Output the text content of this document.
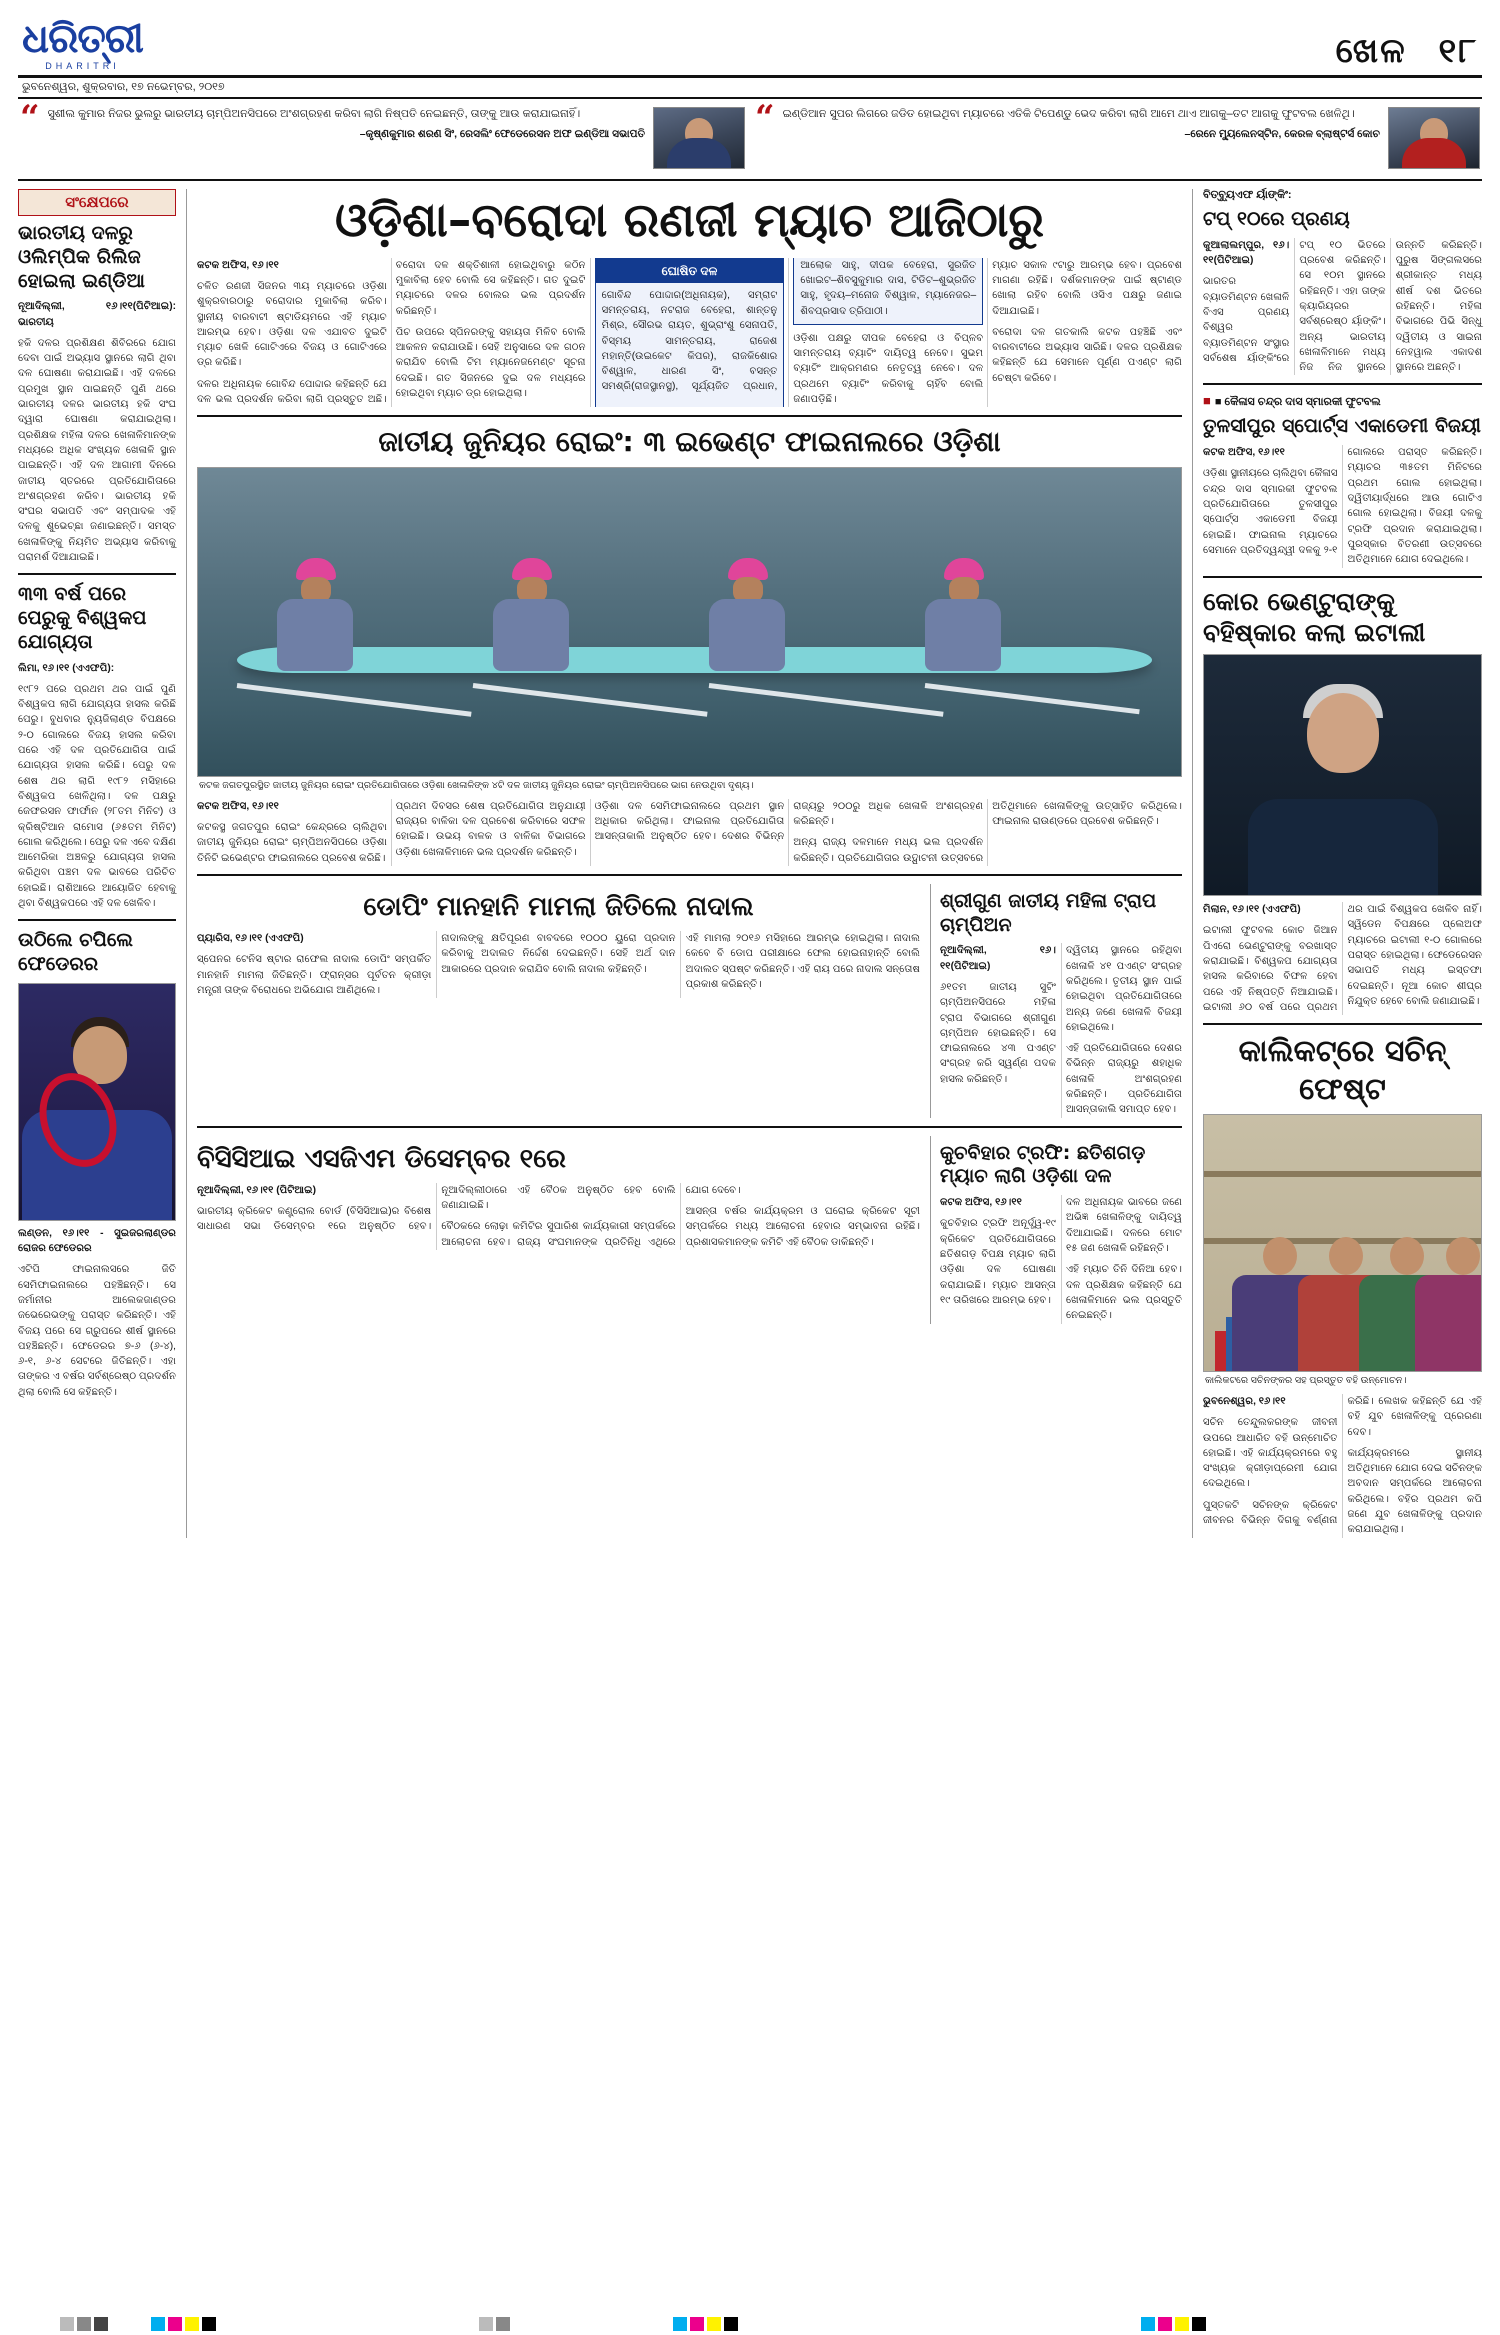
ଧରିତ୍ରୀ
DHARITRI	ଖେଳ ୧୮
ଭୁବନେଶ୍ୱର, ଶୁକ୍ରବାର, ୧୭ ନଭେମ୍ବର, ୨୦୧୭
“ ସୁଶୀଲ କୁମାର ନିଜର ଭୁଲରୁ ଭାରତୀୟ ଚାମ୍ପିଅନସିପରେ ଅଂଶଗ୍ରହଣ କରିବା ଲାଗି ନିଷ୍ପତି ନେଇଛନ୍ତି, ତାଙ୍କୁ ଆଉ କରାଯାଇନାହିଁ।
–କୃଷ୍ଣକୁମାର ଶରଣ ସିଂ, ରେସଲିଂ ଫେଡେରେସନ ଅଫ ଇଣ୍ଡିଆ ସଭାପତି	“ ଇଣ୍ଡିଆନ ସୁପର ଲିଗରେ ଜଡିତ ହୋଇଥିବା ମ୍ୟାଚରେ ଏତିକି ଟିପେଣ୍ଡୁ ଭେଦ କରିବା ଲାଗି ଆମେ ଥାଏ ଆଗକୁ–ତଟ ଆଗକୁ ଫୁଟବଲ ଖେଳିଥି।
–ରେନେ ମ୍ୟୁଲେନସ୍ଟିନ, କେରଳ ବ୍ଲାଷ୍ଟର୍ସ କୋଚ
ସଂକ୍ଷେପରେ
ଭାରତୀୟ ଦଳରୁ ଓଲିମ୍ପିକ ରିଲିଜ ହୋଇଲା ଇଣ୍ଡିଆ

ନୂଆଦିଲ୍ଲୀ, ୧୬।୧୧(ପିଟିଆଇ): ଭାରତୀୟ

ହକି ଦଳର ପ୍ରଶିକ୍ଷଣ ଶିବିରରେ ଯୋଗ ଦେବା ପାଇଁ ଅଭ୍ୟାସ ସ୍ଥାନରେ ଲାଗି ଥିବା ଦଳ ଘୋଷଣା କରାଯାଇଛି। ଏହି ଦଳରେ ପ୍ରମୁଖ ସ୍ଥାନ ପାଇଛନ୍ତି ପୁଣି ଥରେ ଭାରତୀୟ ଦଳର ଭାରତୀୟ ହକି ସଂଘ ଦ୍ୱାରା ଘୋଷଣା କରାଯାଇଥିଲା। ପ୍ରଶିକ୍ଷକ ମହିଳା ଦଳର ଖେଳାଳିମାନଙ୍କ ମଧ୍ୟରେ ଅଧିକ ସଂଖ୍ୟକ ଖେଳାଳି ସ୍ଥାନ ପାଇଛନ୍ତି। ଏହି ଦଳ ଆଗାମୀ ଦିନରେ ଜାତୀୟ ସ୍ତରରେ ପ୍ରତିଯୋଗିତାରେ ଅଂଶଗ୍ରହଣ କରିବ। ଭାରତୀୟ ହକି ସଂଘର ସଭାପତି ଏବଂ ସମ୍ପାଦକ ଏହି ଦଳକୁ ଶୁଭେଚ୍ଛା ଜଣାଇଛନ୍ତି। ସମସ୍ତ ଖେଳାଳିଙ୍କୁ ନିୟମିତ ଅଭ୍ୟାସ କରିବାକୁ ପରାମର୍ଶ ଦିଆଯାଇଛି।

୩୩ ବର୍ଷ ପରେ ପେରୁକୁ ବିଶ୍ୱକପ ଯୋଗ୍ୟତା

ଲିମା, ୧୬।୧୧ (ଏଏଫପି):

୧୯୮୨ ପରେ ପ୍ରଥମ ଥର ପାଇଁ ପୁଣି ବିଶ୍ୱକପ ଲାଗି ଯୋଗ୍ୟତା ହାସଲ କରିଛି ପେରୁ। ବୁଧବାର ନ୍ୟୁଜିଲାଣ୍ଡ ବିପକ୍ଷରେ ୨-୦ ଗୋଲରେ ବିଜୟ ହାସଲ କରିବା ପରେ ଏହି ଦଳ ପ୍ରତିଯୋଗିତା ପାଇଁ ଯୋଗ୍ୟତା ହାସଲ କରିଛି। ପେରୁ ଦଳ ଶେଷ ଥର ଲାଗି ୧୯୮୨ ମସିହାରେ ବିଶ୍ୱକପ ଖେଳିଥିଲା। ଦଳ ପକ୍ଷରୁ ଜେଫରସନ ଫାର୍ଫାନ (୨୮ତମ ମିନିଟ) ଓ କ୍ରିଷ୍ଟିଆନ ରାମୋସ (୬୫ତମ ମିନିଟ) ଗୋଲ କରିଥିଲେ। ପେରୁ ଦଳ ଏବେ ଦକ୍ଷିଣ ଆମେରିକା ଅଞ୍ଚଳରୁ ଯୋଗ୍ୟତା ହାସଲ କରିଥିବା ପଞ୍ଚମ ଦଳ ଭାବରେ ପରିଚିତ ହୋଇଛି। ରାଶିଆରେ ଆୟୋଜିତ ହେବାକୁ ଥିବା ବିଶ୍ୱକପରେ ଏହି ଦଳ ଖେଳିବ।

ଉଠିଲେ ଚପିଲେ ଫେଡେରର

ଲଣ୍ଡନ, ୧୬।୧୧ - ସୁଇଜରଲାଣ୍ଡର ରୋଜର ଫେଡେରର

ଏଟିପି ଫାଇନାଲସରେ ଜିତି ସେମିଫାଇନାଲରେ ପହଞ୍ଚିଛନ୍ତି। ସେ ଜର୍ମାନୀର ଆଲେକଜାଣ୍ଡର ଜଭେରେଭଙ୍କୁ ପରାସ୍ତ କରିଛନ୍ତି। ଏହି ବିଜୟ ପରେ ସେ ଗ୍ରୁପରେ ଶୀର୍ଷ ସ୍ଥାନରେ ପହଞ୍ଚିଛନ୍ତି। ଫେଡେରର ୭-୬ (୬-୪), ୬-୧, ୬-୪ ସେଟରେ ଜିତିଛନ୍ତି। ଏହା ତାଙ୍କର ଏ ବର୍ଷର ସର୍ବଶ୍ରେଷ୍ଠ ପ୍ରଦର୍ଶନ ଥିଲା ବୋଲି ସେ କହିଛନ୍ତି।

ଓଡ଼ିଶା–ବରୋଦା ରଣଜୀ ମ୍ୟାଚ ଆଜିଠାରୁ

କଟକ ଅଫିସ, ୧୬।୧୧

ଚଳିତ ରଣଜୀ ସିଜନର ୩ୟ ମ୍ୟାଚରେ ଓଡ଼ିଶା ଶୁକ୍ରବାରଠାରୁ ବରୋଦାର ମୁକାବିଲା କରିବ। ସ୍ଥାନୀୟ ବାରବାଟୀ ଷ୍ଟାଡିୟମରେ ଏହି ମ୍ୟାଚ ଆରମ୍ଭ ହେବ। ଓଡ଼ିଶା ଦଳ ଏଯାବତ ଦୁଇଟି ମ୍ୟାଚ ଖେଳି ଗୋଟିଏରେ ବିଜୟ ଓ ଗୋଟିଏରେ ଡ୍ର କରିଛି।

ଦଳର ଅଧିନାୟକ ଗୋବିନ୍ଦ ପୋଦ୍ଦାର କହିଛନ୍ତି ଯେ ଦଳ ଭଲ ପ୍ରଦର୍ଶନ କରିବା ଲାଗି ପ୍ରସ୍ତୁତ ଅଛି। ବରୋଦା ଦଳ ଶକ୍ତିଶାଳୀ ହୋଇଥିବାରୁ କଠିନ ମୁକାବିଲା ହେବ ବୋଲି ସେ କହିଛନ୍ତି। ଗତ ଦୁଇଟି ମ୍ୟାଚରେ ଦଳର ବୋଲର ଭଲ ପ୍ରଦର୍ଶନ କରିଛନ୍ତି।

ପିଚ ଉପରେ ସ୍ପିନରଙ୍କୁ ସହାୟତା ମିଳିବ ବୋଲି ଆକଳନ କରାଯାଉଛି। ସେହି ଅନୁସାରେ ଦଳ ଗଠନ କରାଯିବ ବୋଲି ଟିମ ମ୍ୟାନେଜମେଣ୍ଟ ସୂଚନା ଦେଇଛି। ଗତ ସିଜନରେ ଦୁଇ ଦଳ ମଧ୍ୟରେ ହୋଇଥିବା ମ୍ୟାଚ ଡ୍ର ହୋଇଥିଲା।

ଘୋଷିତ ଦଳ
ଗୋବିନ୍ଦ ପୋଦ୍ଦାର(ଅଧିନାୟକ), ସମ୍ରାଟ ସମନ୍ତରାୟ, ନଟରାଜ ବେହେରା, ଶାନ୍ତନୁ ମିଶ୍ର, ସୌରଭ ରାୟତ, ଶୁଭ୍ରାଂଶୁ ସେନାପତି, ବିସ୍ମୟ ସାମନ୍ତରାୟ, ରାଜେଶ ମହାନ୍ତି(ଉଇକେଟ କିପର), ରାଜକିଶୋର ବିଶ୍ୱାଳ, ଧାରଣ ସିଂ, ବସନ୍ତ ସମଶ୍ରି(ରାଜସ୍ଥାନସ୍ଥ), ସୂର୍ଯ୍ୟଜିତ ପ୍ରଧାନ, ଆଲୋକ ସାହୁ, ଦୀପକ ବେହେରା, ସୁରଜିତ ଖୋଇଟ–ଶିବସୁକୁମାର ଦାସ, ଟିଡିଟ–ଶୁଭ୍ରଜିତ ସାହୁ, ହୃଦୟ–ମନୋଜ ବିଶ୍ୱାଳ, ମ୍ୟାନେଜର–ଶିବପ୍ରସାଦ ତ୍ରିପାଠୀ।

ଓଡ଼ିଶା ପକ୍ଷରୁ ଦୀପକ ବେହେରା ଓ ବିପ୍ଳବ ସାମନ୍ତରାୟ ବ୍ୟାଟିଂ ଦାୟିତ୍ୱ ନେବେ। ସୁଭମ ବ୍ୟାଟିଂ ଆକ୍ରମଣର ନେତୃତ୍ୱ ନେବେ। ଦଳ ପ୍ରଥମେ ବ୍ୟାଟିଂ କରିବାକୁ ଚାହିଁବ ବୋଲି ଜଣାପଡ଼ିଛି।

ମ୍ୟାଚ ସକାଳ ୯ଟାରୁ ଆରମ୍ଭ ହେବ। ପ୍ରବେଶ ମାଗଣା ରହିଛି। ଦର୍ଶକମାନଙ୍କ ପାଇଁ ଷ୍ଟାଣ୍ଡ ଖୋଲା ରହିବ ବୋଲି ଓସିଏ ପକ୍ଷରୁ ଜଣାଇ ଦିଆଯାଇଛି।

ବରୋଦା ଦଳ ଗତକାଲି କଟକ ପହଞ୍ଚିଛି ଏବଂ ବାରବାଟୀରେ ଅଭ୍ୟାସ ସାରିଛି। ଦଳର ପ୍ରଶିକ୍ଷକ କହିଛନ୍ତି ଯେ ସେମାନେ ପୂର୍ଣ୍ଣ ପଏଣ୍ଟ ଲାଗି ଚେଷ୍ଟା କରିବେ।

ଜାତୀୟ ଜୁନିୟର ରୋଇଂ: ୩ ଇଭେଣ୍ଟ ଫାଇନାଲରେ ଓଡ଼ିଶା
କଟକ ଜଗତପୁରସ୍ଥିତ ଜାତୀୟ ଜୁନିୟର ରୋଇଂ ପ୍ରତିଯୋଗିତାରେ ଓଡ଼ିଶା ଖେଳାଳିଙ୍କ ୪ଟି ଦଳ ଜାତୀୟ ଜୁନିୟର ରୋଇଂ ଚାମ୍ପିଅନସିପରେ ଭାଗ ନେଉଥିବା ଦୃଶ୍ୟ।

କଟକ ଅଫିସ, ୧୬।୧୧

କଟକସ୍ଥ ଜଗତପୁର ରୋଇଂ କେନ୍ଦ୍ରରେ ଚାଲିଥିବା ଜାତୀୟ ଜୁନିୟର ରୋଇଂ ଚାମ୍ପିଅନସିପରେ ଓଡ଼ିଶା ତିନିଟି ଇଭେଣ୍ଟର ଫାଇନାଲରେ ପ୍ରବେଶ କରିଛି।

ପ୍ରଥମ ଦିବସର ଶେଷ ପ୍ରତିଯୋଗିତା ଅନୁଯାୟୀ ରାଜ୍ୟର ବାଳିକା ଦଳ ପ୍ରବେଶ କରିବାରେ ସଫଳ ହୋଇଛି। ଉଭୟ ବାଳକ ଓ ବାଳିକା ବିଭାଗରେ ଓଡ଼ିଶା ଖେଳାଳିମାନେ ଭଲ ପ୍ରଦର୍ଶନ କରିଛନ୍ତି।

ଓଡ଼ିଶା ଦଳ ସେମିଫାଇନାଲରେ ପ୍ରଥମ ସ୍ଥାନ ଅଧିକାର କରିଥିଲା। ଫାଇନାଲ ପ୍ରତିଯୋଗିତା ଆସନ୍ତାକାଲି ଅନୁଷ୍ଠିତ ହେବ। ଦେଶର ବିଭିନ୍ନ ରାଜ୍ୟରୁ ୨୦୦ରୁ ଅଧିକ ଖେଳାଳି ଅଂଶଗ୍ରହଣ କରିଛନ୍ତି।

ଅନ୍ୟ ରାଜ୍ୟ ଦଳମାନେ ମଧ୍ୟ ଭଲ ପ୍ରଦର୍ଶନ କରିଛନ୍ତି। ପ୍ରତିଯୋଗିତାର ଉଦ୍ଘାଟନୀ ଉତ୍ସବରେ ଅତିଥିମାନେ ଖେଳାଳିଙ୍କୁ ଉତ୍ସାହିତ କରିଥିଲେ। ଫାଇନାଲ ରାଉଣ୍ଡରେ ପ୍ରବେଶ କରିଛନ୍ତି।

ଡୋପିଂ ମାନହାନି ମାମଲା ଜିତିଲେ ନାଦାଲ

ପ୍ୟାରିସ, ୧୬।୧୧ (ଏଏଫପି)

ସ୍ପେନର ଟେନିସ ଷ୍ଟାର ରାଫେଲ ନାଦାଲ ଡୋପିଂ ସମ୍ପର୍କିତ ମାନହାନି ମାମଲା ଜିତିଛନ୍ତି। ଫ୍ରାନ୍ସର ପୂର୍ବତନ କ୍ରୀଡ଼ା ମନ୍ତ୍ରୀ ତାଙ୍କ ବିରୋଧରେ ଅଭିଯୋଗ ଆଣିଥିଲେ।

ନାଦାଲଙ୍କୁ କ୍ଷତିପୂରଣ ବାବଦରେ ୧୦୦୦ ୟୁରୋ ପ୍ରଦାନ କରିବାକୁ ଅଦାଲତ ନିର୍ଦ୍ଦେଶ ଦେଇଛନ୍ତି। ସେହି ଅର୍ଥ ଦାନ ଆକାରରେ ପ୍ରଦାନ କରାଯିବ ବୋଲି ନାଦାଲ କହିଛନ୍ତି।

ଏହି ମାମଲା ୨୦୧୬ ମସିହାରେ ଆରମ୍ଭ ହୋଇଥିଲା। ନାଦାଲ କେବେ ବି ଡୋପ ପରୀକ୍ଷାରେ ଫେଲ ହୋଇନାହାନ୍ତି ବୋଲି ଅଦାଲତ ସ୍ପଷ୍ଟ କରିଛନ୍ତି। ଏହି ରାୟ ପରେ ନାଦାଲ ସନ୍ତୋଷ ପ୍ରକାଶ କରିଛନ୍ତି।

ଶ୍ରୀଗୁଣ ଜାତୀୟ ମହିଳା ଟ୍ରାପ ଚାମ୍ପିଅନ

ନୂଆଦିଲ୍ଲୀ, ୧୬।୧୧(ପିଟିଆଇ)

୬୧ତମ ଜାତୀୟ ସୁଟିଂ ଚାମ୍ପିଅନସିପରେ ମହିଳା ଟ୍ରାପ ବିଭାଗରେ ଶ୍ରୀଗୁଣ ଚାମ୍ପିଅନ ହୋଇଛନ୍ତି। ସେ ଫାଇନାଲରେ ୪୩ ପଏଣ୍ଟ ସଂଗ୍ରହ କରି ସ୍ୱର୍ଣ୍ଣ ପଦକ ହାସଲ କରିଛନ୍ତି।

ଦ୍ୱିତୀୟ ସ୍ଥାନରେ ରହିଥିବା ଖେଳାଳି ୪୧ ପଏଣ୍ଟ ସଂଗ୍ରହ କରିଥିଲେ। ତୃତୀୟ ସ୍ଥାନ ପାଇଁ ହୋଇଥିବା ପ୍ରତିଯୋଗିତାରେ ଅନ୍ୟ ଜଣେ ଖେଳାଳି ବିଜୟୀ ହୋଇଥିଲେ।

ଏହି ପ୍ରତିଯୋଗିତାରେ ଦେଶର ବିଭିନ୍ନ ରାଜ୍ୟରୁ ଶହାଧିକ ଖେଳାଳି ଅଂଶଗ୍ରହଣ କରିଛନ୍ତି। ପ୍ରତିଯୋଗିତା ଆସନ୍ତାକାଲି ସମାପ୍ତ ହେବ।

ବିସିସିଆଇ ଏସଜିଏମ ଡିସେମ୍ବର ୧ରେ

ନୂଆଦିଲ୍ଲୀ, ୧୬।୧୧ (ପିଟିଆଇ)

ଭାରତୀୟ କ୍ରିକେଟ କଣ୍ଟ୍ରୋଲ ବୋର୍ଡ (ବିସିସିଆଇ)ର ବିଶେଷ ସାଧାରଣ ସଭା ଡିସେମ୍ବର ୧ରେ ଅନୁଷ୍ଠିତ ହେବ। ନୂଆଦିଲ୍ଲୀଠାରେ ଏହି ବୈଠକ ଅନୁଷ୍ଠିତ ହେବ ବୋଲି ଜଣାଯାଇଛି।

ବୈଠକରେ ଲୋଢ଼ା କମିଟିର ସୁପାରିଶ କାର୍ଯ୍ୟକାରୀ ସମ୍ପର୍କରେ ଆଲୋଚନା ହେବ। ରାଜ୍ୟ ସଂଘମାନଙ୍କ ପ୍ରତିନିଧି ଏଥିରେ ଯୋଗ ଦେବେ।

ଆସନ୍ତା ବର୍ଷର କାର୍ଯ୍ୟକ୍ରମ ଓ ଘରୋଇ କ୍ରିକେଟ ସୂଚୀ ସମ୍ପର୍କରେ ମଧ୍ୟ ଆଲୋଚନା ହେବାର ସମ୍ଭାବନା ରହିଛି। ପ୍ରଶାସକମାନଙ୍କ କମିଟି ଏହି ବୈଠକ ଡାକିଛନ୍ତି।

କୁଚବିହାର ଟ୍ରଫି: ଛତିଶଗଡ଼ ମ୍ୟାଚ ଲାଗି ଓଡ଼ିଶା ଦଳ

କଟକ ଅଫିସ, ୧୬।୧୧

କୁଚବିହାର ଟ୍ରଫି ଅନୂର୍ଦ୍ଧ୍ୱ-୧୯ କ୍ରିକେଟ ପ୍ରତିଯୋଗିତାରେ ଛତିଶଗଡ଼ ବିପକ୍ଷ ମ୍ୟାଚ ଲାଗି ଓଡ଼ିଶା ଦଳ ଘୋଷଣା କରାଯାଇଛି। ମ୍ୟାଚ ଆସନ୍ତା ୧୯ ତାରିଖରେ ଆରମ୍ଭ ହେବ।

ଦଳ ଅଧିନାୟକ ଭାବରେ ଜଣେ ଅଭିଜ୍ଞ ଖେଳାଳିଙ୍କୁ ଦାୟିତ୍ୱ ଦିଆଯାଇଛି। ଦଳରେ ମୋଟ ୧୫ ଜଣ ଖେଳାଳି ରହିଛନ୍ତି।

ଏହି ମ୍ୟାଚ ତିନି ଦିନିଆ ହେବ। ଦଳ ପ୍ରଶିକ୍ଷକ କହିଛନ୍ତି ଯେ ଖେଳାଳିମାନେ ଭଲ ପ୍ରସ୍ତୁତି ନେଇଛନ୍ତି।

ବିତ୍‌ବ୍ୟୁଏଫ ର୍ୟାଙ୍କିଂ:
ଟପ୍ ୧୦ରେ ପ୍ରଣୟ

କୁଆଲାଲମ୍ପୁର, ୧୬।୧୧(ପିଟିଆଇ)

ଭାରତର ବ୍ୟାଡମିଣ୍ଟନ ଖେଳାଳି ବିଏସ ପ୍ରଣୟ ବିଶ୍ୱର ବ୍ୟାଡମିଣ୍ଟନ ସଂସ୍ଥାର ସର୍ବଶେଷ ର୍ୟାଙ୍କିଂରେ ଟପ୍ ୧୦ ଭିତରେ ପ୍ରବେଶ କରିଛନ୍ତି। ସେ ୧୦ମ ସ୍ଥାନରେ ରହିଛନ୍ତି। ଏହା ତାଙ୍କ କ୍ୟାରିୟରର ସର୍ବଶ୍ରେଷ୍ଠ ର୍ୟାଙ୍କିଂ। ଅନ୍ୟ ଭାରତୀୟ ଖେଳାଳିମାନେ ମଧ୍ୟ ନିଜ ନିଜ ସ୍ଥାନରେ ଉନ୍ନତି କରିଛନ୍ତି। ପୁରୁଷ ସିଙ୍ଗଲସରେ ଶ୍ରୀକାନ୍ତ ମଧ୍ୟ ଶୀର୍ଷ ଦଶ ଭିତରେ ରହିଛନ୍ତି। ମହିଳା ବିଭାଗରେ ପିଭି ସିନ୍ଧୁ ଦ୍ୱିତୀୟ ଓ ସାଇନା ନେହୱାଲ ଏକାଦଶ ସ୍ଥାନରେ ଅଛନ୍ତି।

■ ■ କୈଳାସ ଚନ୍ଦ୍ର ଦାସ ସ୍ମାରକୀ ଫୁଟବଲ
ତୁଳସୀପୁର ସ୍ପୋର୍ଟ୍ସ ଏକାଡେମୀ ବିଜୟୀ

କଟକ ଅଫିସ, ୧୬।୧୧

ଓଡ଼ିଶା ସ୍ଥାନୀୟରେ ଚାଲିଥିବା କୈଳାସ ଚନ୍ଦ୍ର ଦାସ ସ୍ମାରକୀ ଫୁଟବଲ ପ୍ରତିଯୋଗିତାରେ ତୁଳସୀପୁର ସ୍ପୋର୍ଟ୍ସ ଏକାଡେମୀ ବିଜୟୀ ହୋଇଛି। ଫାଇନାଲ ମ୍ୟାଚରେ ସେମାନେ ପ୍ରତିଦ୍ୱନ୍ଦ୍ୱୀ ଦଳକୁ ୨-୧ ଗୋଲରେ ପରାସ୍ତ କରିଛନ୍ତି। ମ୍ୟାଚର ୩୫ତମ ମିନିଟରେ ପ୍ରଥମ ଗୋଲ ହୋଇଥିଲା। ଦ୍ୱିତୀୟାର୍ଦ୍ଧରେ ଆଉ ଗୋଟିଏ ଗୋଲ ହୋଇଥିଲା। ବିଜୟୀ ଦଳକୁ ଟ୍ରଫି ପ୍ରଦାନ କରାଯାଇଥିଲା। ପୁରସ୍କାର ବିତରଣୀ ଉତ୍ସବରେ ଅତିଥିମାନେ ଯୋଗ ଦେଇଥିଲେ।

କୋର ଭେଣ୍ଟୁରାଙ୍କୁ ବହିଷ୍କାର କଲା ଇଟାଲୀ

ମିଲାନ, ୧୬।୧୧ (ଏଏଫପି)

ଇଟାଲୀ ଫୁଟବଲ କୋଚ ଜିଆନ ପିଏରୋ ଭେଣ୍ଟୁରାଙ୍କୁ ବରଖାସ୍ତ କରାଯାଇଛି। ବିଶ୍ୱକପ ଯୋଗ୍ୟତା ହାସଲ କରିବାରେ ବିଫଳ ହେବା ପରେ ଏହି ନିଷ୍ପତ୍ତି ନିଆଯାଇଛି। ଇଟାଲୀ ୬୦ ବର୍ଷ ପରେ ପ୍ରଥମ ଥର ପାଇଁ ବିଶ୍ୱକପ ଖେଳିବ ନାହିଁ। ସ୍ୱିଡେନ ବିପକ୍ଷରେ ପ୍ଲେଅଫ ମ୍ୟାଚରେ ଇଟାଲୀ ୧-୦ ଗୋଲରେ ପରାସ୍ତ ହୋଇଥିଲା। ଫେଡେରେସନ ସଭାପତି ମଧ୍ୟ ଇସ୍ତଫା ଦେଇଛନ୍ତି। ନୂଆ କୋଚ ଶୀଘ୍ର ନିଯୁକ୍ତ ହେବେ ବୋଲି ଜଣାଯାଇଛି।

କାଲିକଟ୍‌ରେ ସଚିନ୍ ଫେଷ୍ଟ
କାଲିକଟରେ ସଚିନଙ୍କର ସହ ପ୍ରସ୍ତୁତ ବହି ଉନ୍ମୋଚନ।

ଭୁବନେଶ୍ୱର, ୧୬।୧୧

ସଚିନ ତେନ୍ଦୁଲକରଙ୍କ ଜୀବନୀ ଉପରେ ଆଧାରିତ ବହି ଉନ୍ମୋଚିତ ହୋଇଛି। ଏହି କାର୍ଯ୍ୟକ୍ରମରେ ବହୁ ସଂଖ୍ୟକ କ୍ରୀଡ଼ାପ୍ରେମୀ ଯୋଗ ଦେଇଥିଲେ।

ପୁସ୍ତକଟି ସଚିନଙ୍କ କ୍ରିକେଟ ଜୀବନର ବିଭିନ୍ନ ଦିଗକୁ ବର୍ଣ୍ଣନା କରିଛି। ଲେଖକ କହିଛନ୍ତି ଯେ ଏହି ବହି ଯୁବ ଖେଳାଳିଙ୍କୁ ପ୍ରେରଣା ଦେବ।

କାର୍ଯ୍ୟକ୍ରମରେ ସ୍ଥାନୀୟ ଅତିଥିମାନେ ଯୋଗ ଦେଇ ସଚିନଙ୍କ ଅବଦାନ ସମ୍ପର୍କରେ ଆଲୋଚନା କରିଥିଲେ। ବହିର ପ୍ରଥମ କପି ଜଣେ ଯୁବ ଖେଳାଳିଙ୍କୁ ପ୍ରଦାନ କରାଯାଇଥିଲା।
